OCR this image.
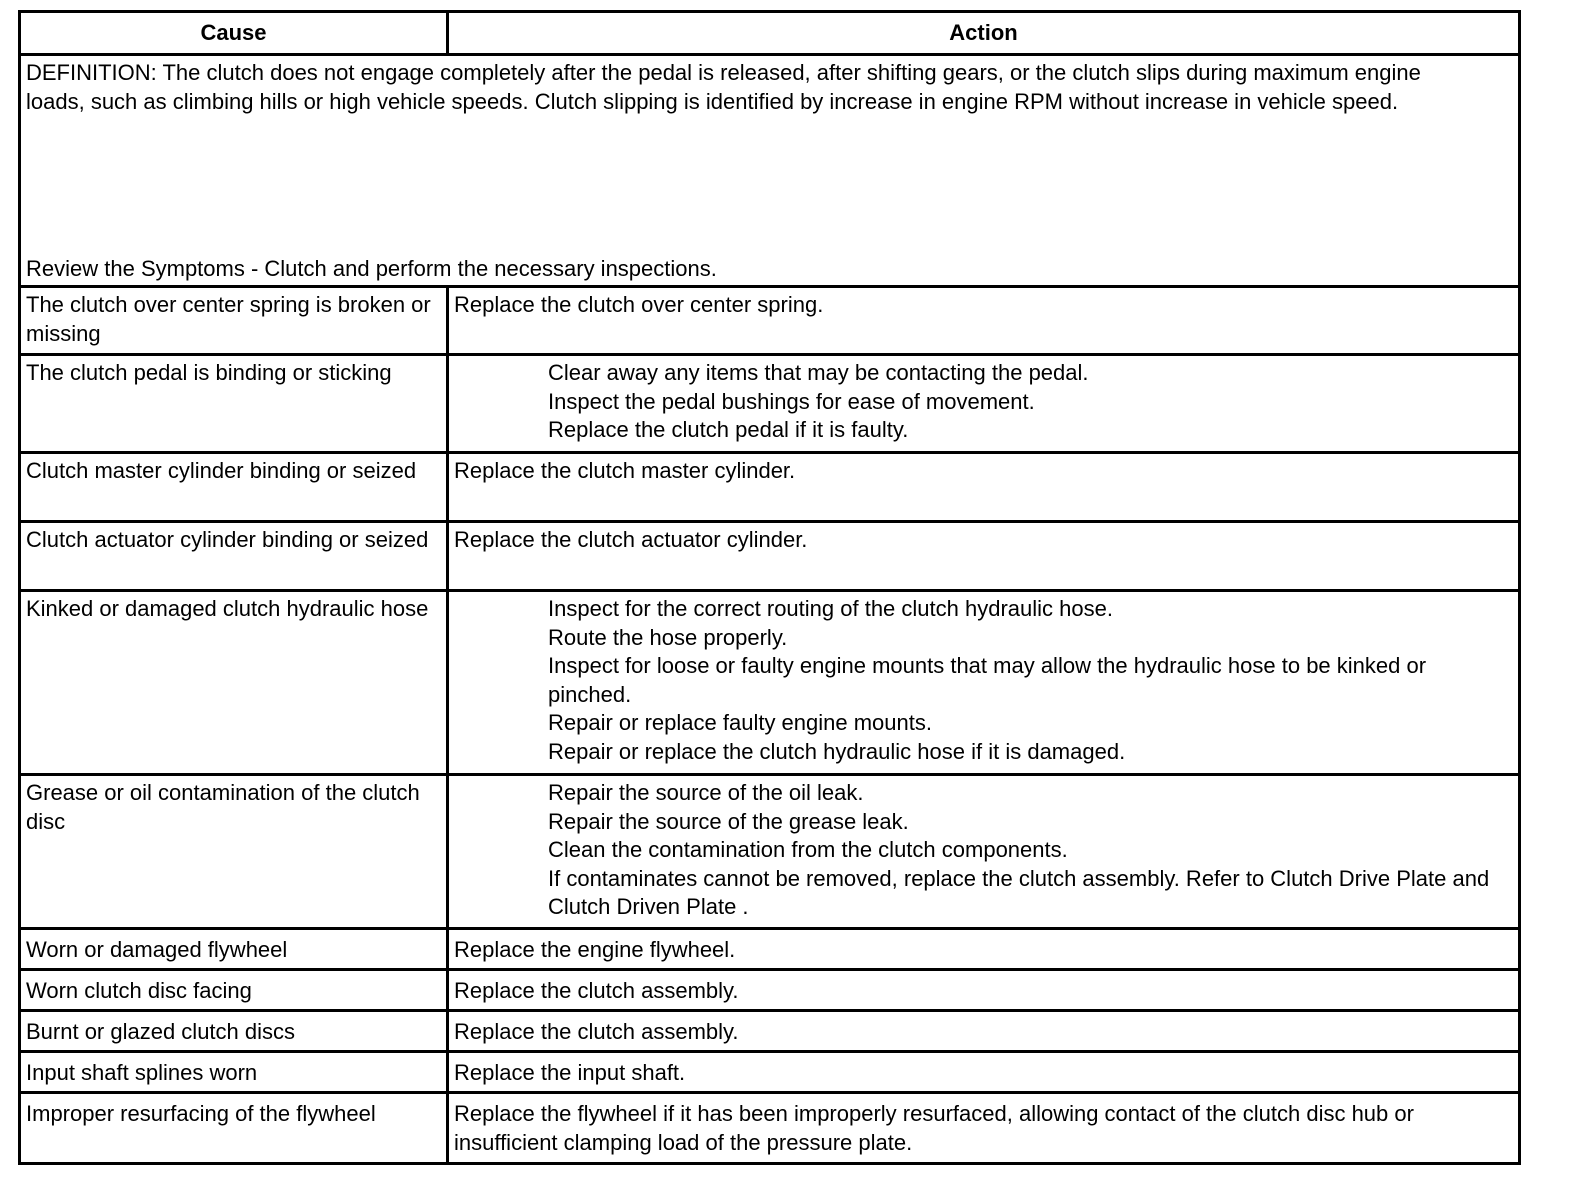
Cause	Action

DEFINITION: The clutch does not engage completely after the pedal is released, after shifting gears, or the clutch slips during maximum engine loads, such as climbing hills or high vehicle speeds. Clutch slipping is identified by increase in engine RPM without increase in vehicle speed.
Review the Symptoms - Clutch and perform the necessary inspections.	

The clutch over center spring is broken or missing	Replace the clutch over center spring.

The clutch pedal is binding or sticking	Clear away any items that may be contacting the pedal.
Inspect the pedal bushings for ease of movement.
Replace the clutch pedal if it is faulty.

Clutch master cylinder binding or seized	Replace the clutch master cylinder.

Clutch actuator cylinder binding or seized	Replace the clutch actuator cylinder.

Kinked or damaged clutch hydraulic hose	Inspect for the correct routing of the clutch hydraulic hose.
Route the hose properly.
Inspect for loose or faulty engine mounts that may allow the hydraulic hose to be kinked or pinched.
Repair or replace faulty engine mounts.
Repair or replace the clutch hydraulic hose if it is damaged.

Grease or oil contamination of the clutch disc	Repair the source of the oil leak.
Repair the source of the grease leak.
Clean the contamination from the clutch components.
If contaminates cannot be removed, replace the clutch assembly. Refer to Clutch Drive Plate and Clutch Driven Plate .

Worn or damaged flywheel	Replace the engine flywheel.

Worn clutch disc facing	Replace the clutch assembly.

Burnt or glazed clutch discs	Replace the clutch assembly.

Input shaft splines worn	Replace the input shaft.

Improper resurfacing of the flywheel	Replace the flywheel if it has been improperly resurfaced, allowing contact of the clutch disc hub or insufficient clamping load of the pressure plate.
